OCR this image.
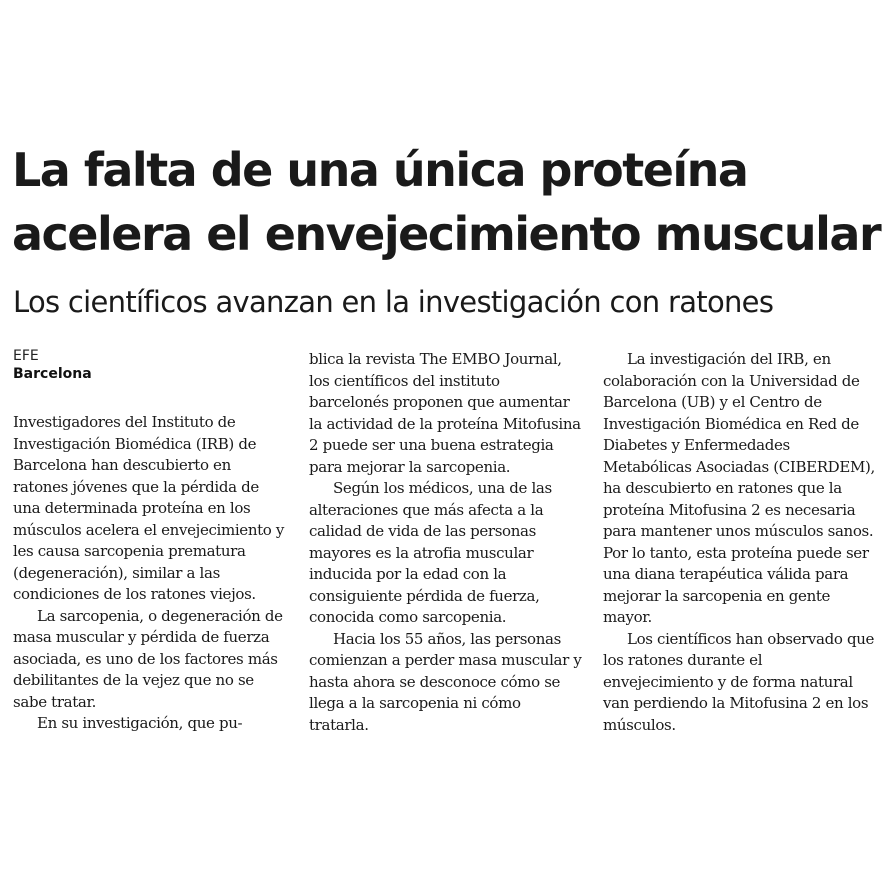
La falta de una única proteína acelera el envejecimiento muscular
Los científicos avanzan en la investigación con ratones
EFE
Barcelona

Investigadores del Instituto de Investigación Biomédica (IRB) de Barcelona han descubierto en ratones jóvenes que la pérdida de una determinada proteína en los músculos acelera el envejecimiento y les causa sarcopenia prematura (degeneración), similar a las condiciones de los ratones viejos.

La sarcopenia, o degeneración de masa muscular y pérdida de fuerza asociada, es uno de los factores más debilitantes de la vejez que no se sabe tratar.

En su investigación, que pu-

blica la revista The EMBO Journal, los científicos del instituto barcelonés proponen que aumentar la actividad de la proteína Mitofusina 2 puede ser una buena estrategia para mejorar la sarcopenia.

Según los médicos, una de las alteraciones que más afecta a la calidad de vida de las personas mayores es la atrofia muscular inducida por la edad con la consiguiente pérdida de fuerza, conocida como sarcopenia.

Hacia los 55 años, las personas comienzan a perder masa muscular y hasta ahora se desconoce cómo se llega a la sarcopenia ni cómo tratarla.

La investigación del IRB, en colaboración con la Universidad de Barcelona (UB) y el Centro de Investigación Biomédica en Red de Diabetes y Enfermedades Metabólicas Asociadas (CIBERDEM), ha descubierto en ratones que la proteína Mitofusina 2 es necesaria para mantener unos músculos sanos. Por lo tanto, esta proteína puede ser una diana terapéutica válida para mejorar la sarcopenia en gente mayor.

Los científicos han observado que los ratones durante el envejecimiento y de forma natural van perdiendo la Mitofusina 2 en los músculos.
